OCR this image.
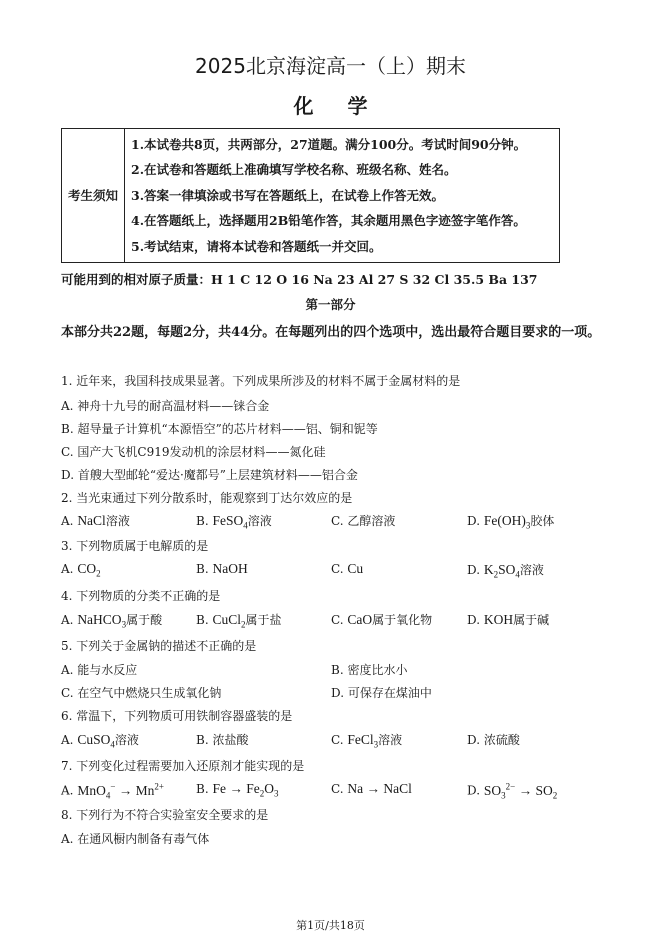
2025北京海淀高一（上）期末
化学
考生须知	
1.本试卷共8页，共两部分，27道题。满分100分。考试时间90分钟。
2.在试卷和答题纸上准确填写学校名称、班级名称、姓名。
3.答案一律填涂或书写在答题纸上，在试卷上作答无效。
4.在答题纸上，选择题用2B铅笔作答，其余题用黑色字迹签字笔作答。
5.考试结束，请将本试卷和答题纸一并交回。
可能用到的相对原子质量：H 1 C 12 O 16 Na 23 Al 27 S 32 Cl 35.5 Ba 137
第一部分
本部分共22题，每题2分，共44分。在每题列出的四个选项中，选出最符合题目要求的一项。
1. 近年来，我国科技成果显著。下列成果所涉及的材料不属于金属材料的是
A. 神舟十九号的耐高温材料——铼合金
B. 超导量子计算机“本源悟空”的芯片材料——铝、铜和铌等
C. 国产大飞机C919发动机的涂层材料——氮化硅
D. 首艘大型邮轮“爱达·魔都号”上层建筑材料——铝合金
2. 当光束通过下列分散系时，能观察到丁达尔效应的是
A. NaCl溶液	B. FeSO$_4$溶液	C. 乙醇溶液	D. $Fe(OH)_3$胶体
3. 下列物质属于电解质的是
A. $CO_2$	B. NaOH	C. Cu	D. $K_2SO_4$溶液
4. 下列物质的分类不正确的是
A. NaHCO$_3$属于酸	B. CuCl$_2$属于盐	C. CaO属于氧化物	D. KOH属于碱
5. 下列关于金属钠的描述不正确的是
A. 能与水反应	B. 密度比水小
C. 在空气中燃烧只生成氧化钠	D. 可保存在煤油中
6. 常温下，下列物质可用铁制容器盛装的是
A. CuSO$_4$溶液	B. 浓盐酸	C. FeCl$_3$溶液	D. 浓硫酸
7. 下列变化过程需要加入还原剂才能实现的是
A. $MnO_4^- \to Mn^{2+}$	B. $Fe \to Fe_2O_3$	C. Na → NaCl	D. $SO_3^{2-} \to SO_2$
8. 下列行为不符合实验室安全要求的是
A. 在通风橱内制备有毒气体
第1页/共18页
